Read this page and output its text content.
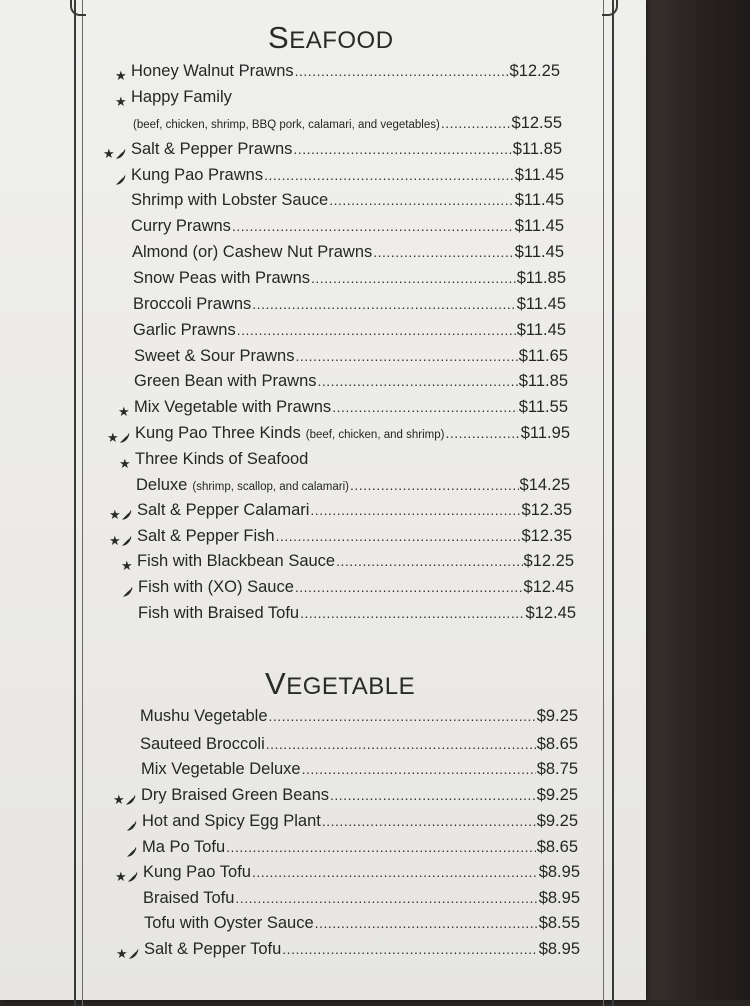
SEAFOOD
★ Honey Walnut Prawns .....	$12.25
★ Happy Family
(beef, chicken, shrimp, BBQ pork, calamari, and vegetables) .....	$12.55
★ Salt & Pepper Prawns .....	$11.85
Kung Pao Prawns .....	$11.45
Shrimp with Lobster Sauce .....	$11.45
Curry Prawns .....	$11.45
Almond (or) Cashew Nut Prawns .....	$11.45
Snow Peas with Prawns .....	$11.85
Broccoli Prawns .....	$11.45
Garlic Prawns .....	$11.45
Sweet & Sour Prawns .....	$11.65
Green Bean with Prawns .....	$11.85
★ Mix Vegetable with Prawns .....	$11.55
★ Kung Pao Three Kinds (beef, chicken, and shrimp) .....	$11.95
★ Three Kinds of Seafood
Deluxe (shrimp, scallop, and calamari) .....	$14.25
★ Salt & Pepper Calamari .....	$12.35
★ Salt & Pepper Fish .....	$12.35
★ Fish with Blackbean Sauce .....	$12.25
Fish with (XO) Sauce .....	$12.45
Fish with Braised Tofu .....	$12.45
VEGETABLE
Mushu Vegetable .....	$9.25
Sauteed Broccoli .....	$8.65
Mix Vegetable Deluxe .....	$8.75
★ Dry Braised Green Beans .....	$9.25
Hot and Spicy Egg Plant .....	$9.25
Ma Po Tofu .....	$8.65
★ Kung Pao Tofu .....	$8.95
Braised Tofu .....	$8.95
Tofu with Oyster Sauce .....	$8.55
★ Salt & Pepper Tofu .....	$8.95
